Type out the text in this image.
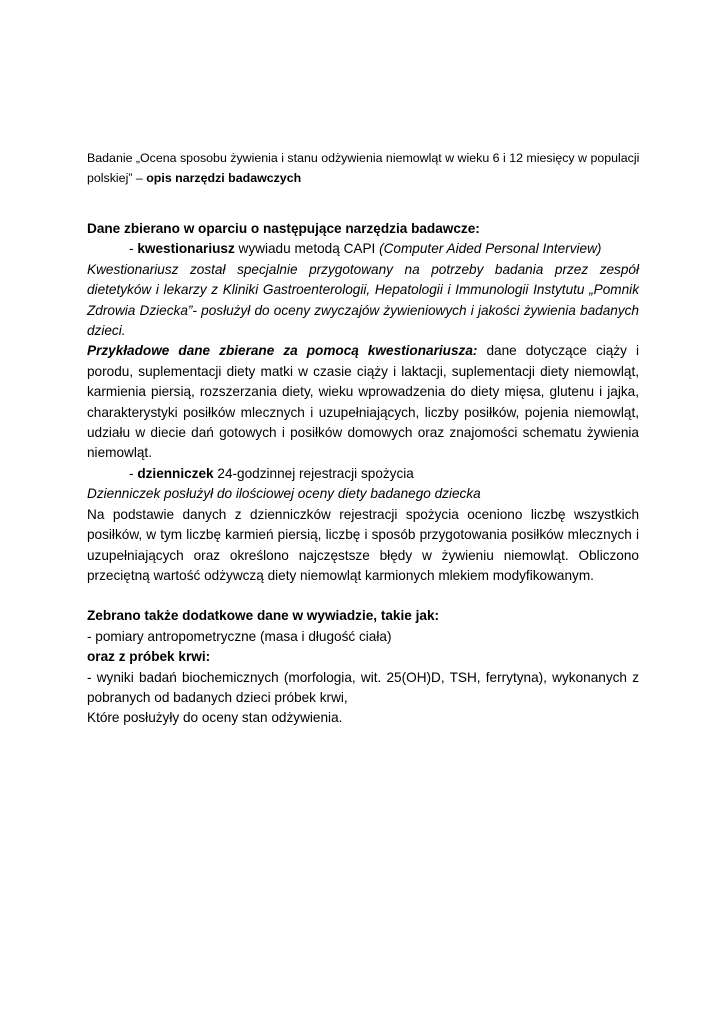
Badanie „Ocena sposobu żywienia i stanu odżywienia niemowląt w wieku 6 i 12 miesięcy w populacji polskiej” – opis narzędzi badawczych

Dane zbierano w oparciu o następujące narzędzia badawcze:

- kwestionariusz wywiadu metodą CAPI (Computer Aided Personal Interview)

Kwestionariusz został specjalnie przygotowany na potrzeby badania przez zespół dietetyków i lekarzy z Kliniki Gastroenterologii, Hepatologii i Immunologii Instytutu „Pomnik Zdrowia Dziecka”- posłużył do oceny zwyczajów żywieniowych i jakości żywienia badanych dzieci.

Przykładowe dane zbierane za pomocą kwestionariusza: dane dotyczące ciąży i porodu, suplementacji diety matki w czasie ciąży i laktacji, suplementacji diety niemowląt, karmienia piersią, rozszerzania diety, wieku wprowadzenia do diety mięsa, glutenu i jajka, charakterystyki posiłków mlecznych i uzupełniających, liczby posiłków, pojenia niemowląt, udziału w diecie dań gotowych i posiłków domowych oraz znajomości schematu żywienia niemowląt.

- dzienniczek 24-godzinnej rejestracji spożycia

Dzienniczek posłużył do ilościowej oceny diety badanego dziecka

Na podstawie danych z dzienniczków rejestracji spożycia oceniono liczbę wszystkich posiłków, w tym liczbę karmień piersią, liczbę i sposób przygotowania posiłków mlecznych i uzupełniających oraz określono najczęstsze błędy w żywieniu niemowląt. Obliczono przeciętną wartość odżywczą diety niemowląt karmionych mlekiem modyfikowanym.

Zebrano także dodatkowe dane w wywiadzie, takie jak:

- pomiary antropometryczne (masa i długość ciała)

oraz z próbek krwi:

- wyniki badań biochemicznych (morfologia, wit. 25(OH)D, TSH, ferrytyna), wykonanych z pobranych od badanych dzieci próbek krwi,

Które posłużyły do oceny stan odżywienia.
